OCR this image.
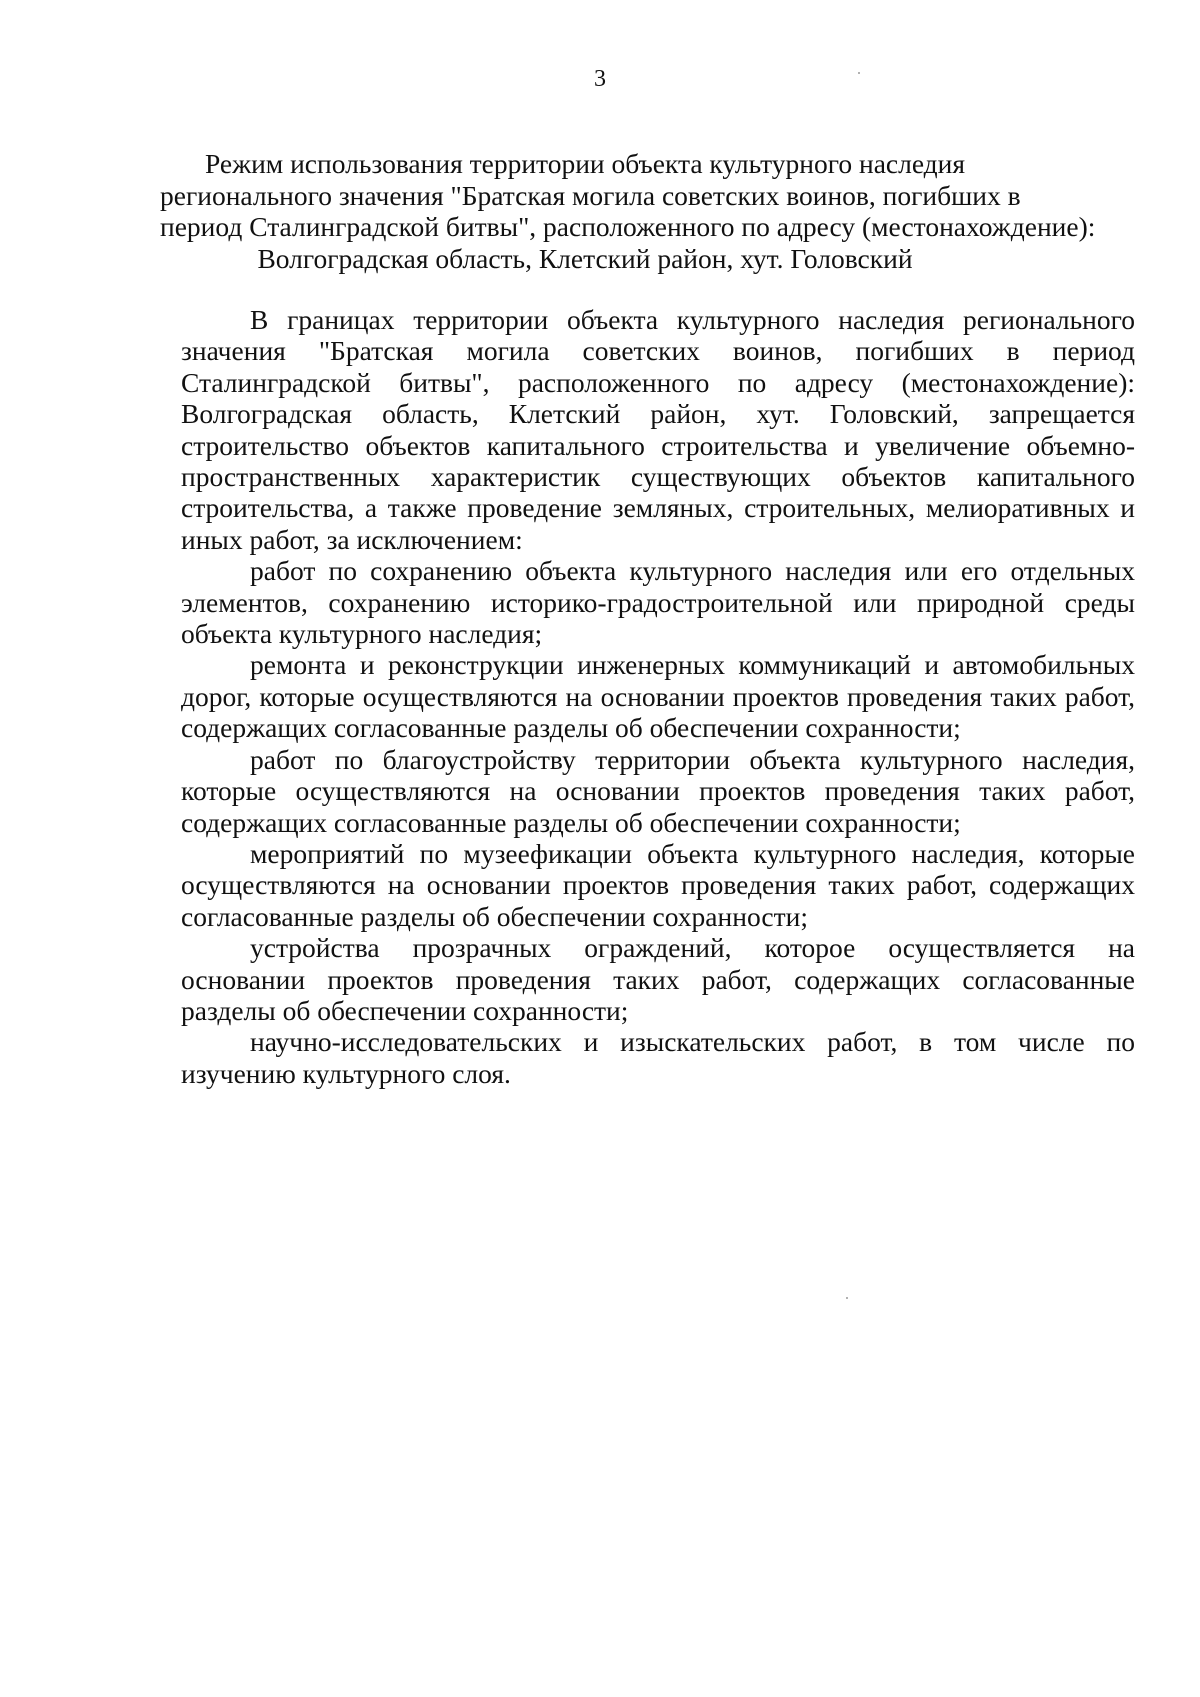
3
Режим использования территории объекта культурного наследия
регионального значения "Братская могила советских воинов, погибших в
период Сталинградской битвы", расположенного по адресу (местонахождение):
Волгоградская область, Клетский район, хут. Головский

В границах территории объекта культурного наследия регионального значения "Братская могила советских воинов, погибших в период Сталинградской битвы", расположенного по адресу (местонахождение): Волгоградская область, Клетский район, хут. Головский, запрещается строительство объектов капитального строительства и увеличение объемно-пространственных характеристик существующих объектов капитального строительства, а также проведение земляных, строительных, мелиоративных и иных работ, за исключением:

работ по сохранению объекта культурного наследия или его отдельных элементов, сохранению историко-градостроительной или природной среды объекта культурного наследия;

ремонта и реконструкции инженерных коммуникаций и автомобильных дорог, которые осуществляются на основании проектов проведения таких работ, содержащих согласованные разделы об обеспечении сохранности;

работ по благоустройству территории объекта культурного наследия, которые осуществляются на основании проектов проведения таких работ, содержащих согласованные разделы об обеспечении сохранности;

мероприятий по музеефикации объекта культурного наследия, которые осуществляются на основании проектов проведения таких работ, содержащих согласованные разделы об обеспечении сохранности;

устройства прозрачных ограждений, которое осуществляется на основании проектов проведения таких работ, содержащих согласованные разделы об обеспечении сохранности;

научно-исследовательских и изыскательских работ, в том числе по изучению культурного слоя.
